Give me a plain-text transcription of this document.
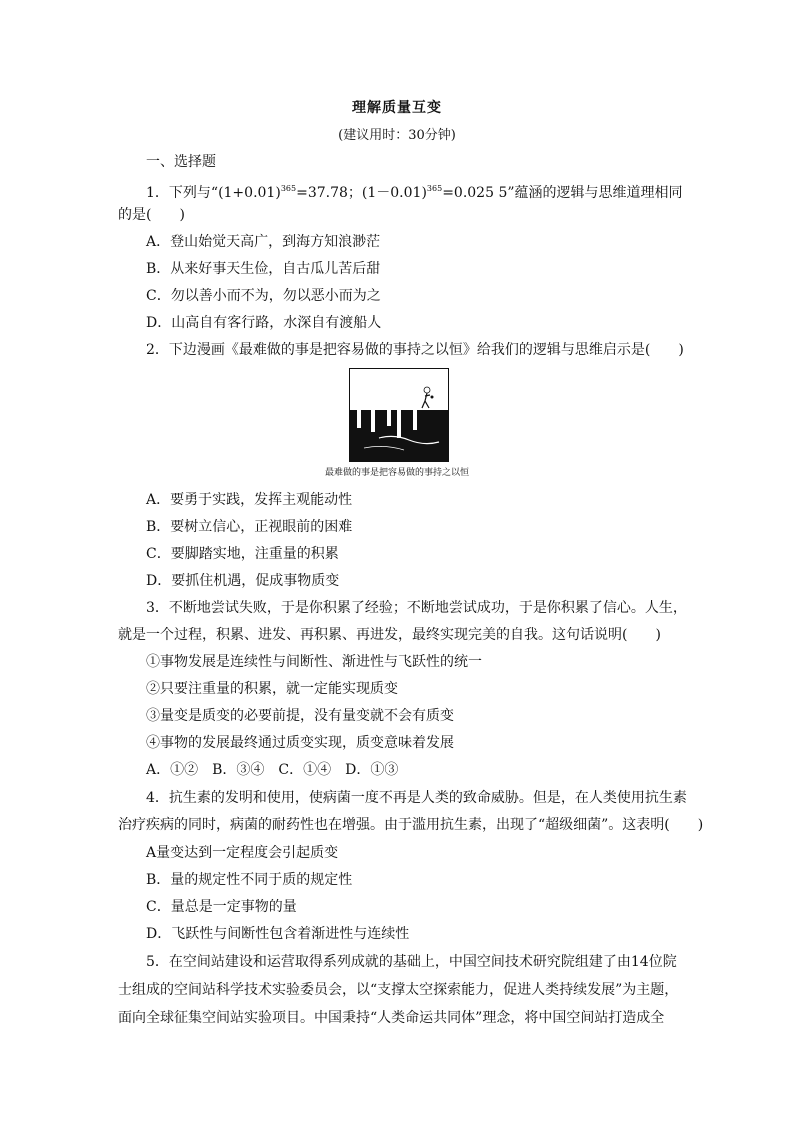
理解质量互变
(建议用时：30分钟)
一、选择题
1．下列与“$(1+0.01)^{365}=37.78$；$(1-0.01)^{365}=0.025$ 5”蕴涵的逻辑与思维道理相同
的是(　　)
A．登山始觉天高广，到海方知浪渺茫
B．从来好事天生俭，自古瓜儿苦后甜
C．勿以善小而不为，勿以恶小而为之
D．山高自有客行路，水深自有渡船人
2．下边漫画《最难做的事是把容易做的事持之以恒》给我们的逻辑与思维启示是(　　)
最难做的事是把容易做的事持之以恒
A．要勇于实践，发挥主观能动性
B．要树立信心，正视眼前的困难
C．要脚踏实地，注重量的积累
D．要抓住机遇，促成事物质变
3．不断地尝试失败，于是你积累了经验；不断地尝试成功，于是你积累了信心。人生，
就是一个过程，积累、进发、再积累、再进发，最终实现完美的自我。这句话说明(　　)
①事物发展是连续性与间断性、渐进性与飞跃性的统一
②只要注重量的积累，就一定能实现质变
③量变是质变的必要前提，没有量变就不会有质变
④事物的发展最终通过质变实现，质变意味着发展
A．①②　B．③④　C．①④　D．①③
4．抗生素的发明和使用，使病菌一度不再是人类的致命威胁。但是，在人类使用抗生素
治疗疾病的同时，病菌的耐药性也在增强。由于滥用抗生素，出现了“超级细菌”。这表明(　　)
A量变达到一定程度会引起质变
B．量的规定性不同于质的规定性
C．量总是一定事物的量
D．飞跃性与间断性包含着渐进性与连续性
5．在空间站建设和运营取得系列成就的基础上，中国空间技术研究院组建了由14位院
士组成的空间站科学技术实验委员会，以“支撑太空探索能力，促进人类持续发展”为主题，
面向全球征集空间站实验项目。中国秉持“人类命运共同体”理念，将中国空间站打造成全
